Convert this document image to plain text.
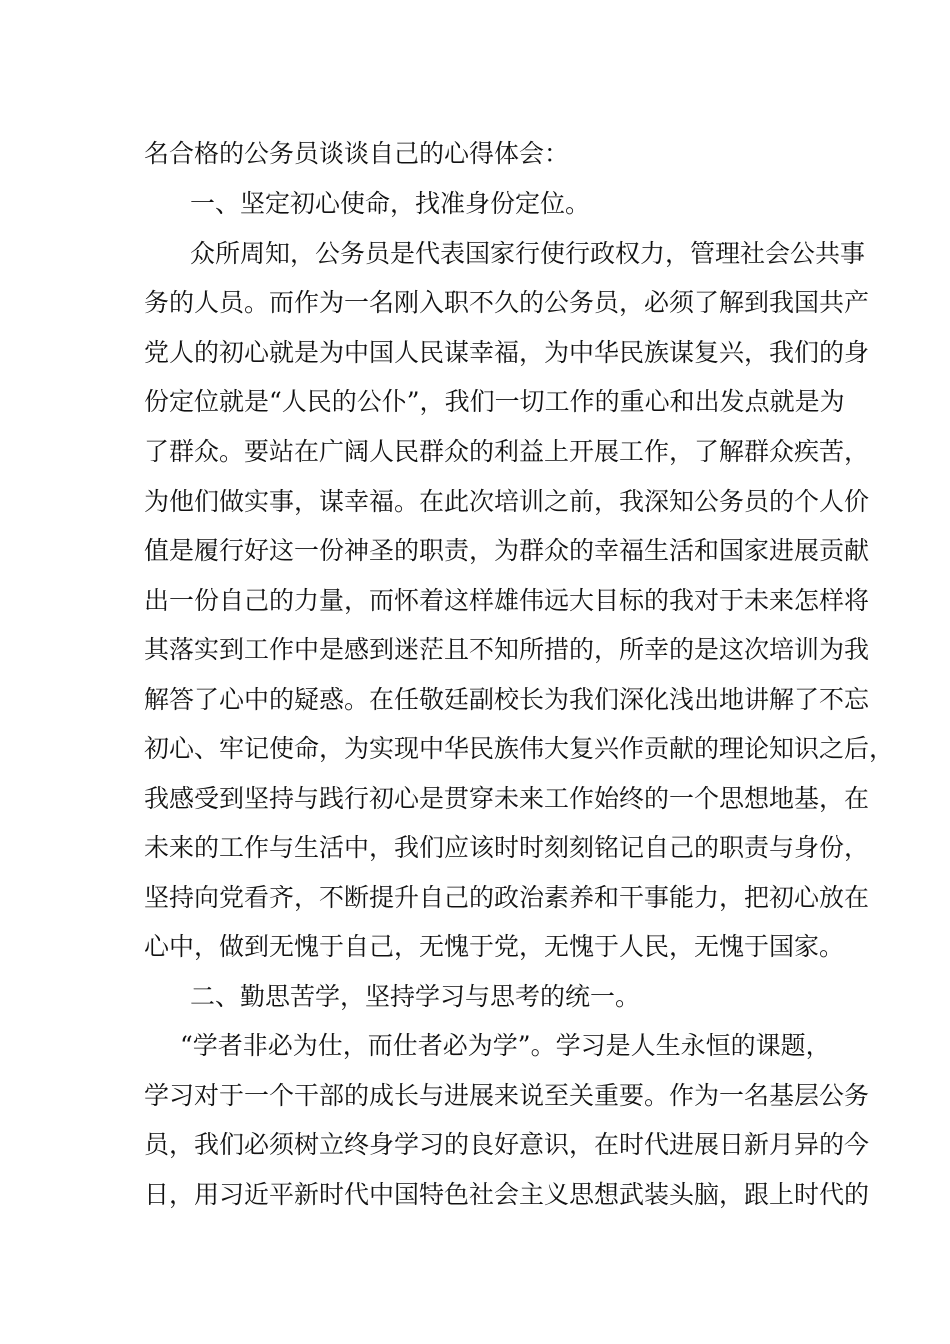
名合格的公务员谈谈自己的心得体会：
一、坚定初心使命，找准身份定位。
众所周知，公务员是代表国家行使行政权力，管理社会公共事
务的人员。而作为一名刚入职不久的公务员，必须了解到我国共产
党人的初心就是为中国人民谋幸福，为中华民族谋复兴，我们的身
份定位就是“人民的公仆”，我们一切工作的重心和出发点就是为
了群众。要站在广阔人民群众的利益上开展工作，了解群众疾苦，
为他们做实事，谋幸福。在此次培训之前，我深知公务员的个人价
值是履行好这一份神圣的职责，为群众的幸福生活和国家进展贡献
出一份自己的力量，而怀着这样雄伟远大目标的我对于未来怎样将
其落实到工作中是感到迷茫且不知所措的，所幸的是这次培训为我
解答了心中的疑惑。在任敬廷副校长为我们深化浅出地讲解了不忘
初心、牢记使命，为实现中华民族伟大复兴作贡献的理论知识之后，
我感受到坚持与践行初心是贯穿未来工作始终的一个思想地基，在
未来的工作与生活中，我们应该时时刻刻铭记自己的职责与身份，
坚持向党看齐，不断提升自己的政治素养和干事能力，把初心放在
心中，做到无愧于自己，无愧于党，无愧于人民，无愧于国家。
二、勤思苦学，坚持学习与思考的统一。
“学者非必为仕，而仕者必为学”。学习是人生永恒的课题，
学习对于一个干部的成长与进展来说至关重要。作为一名基层公务
员，我们必须树立终身学习的良好意识，在时代进展日新月异的今
日，用习近平新时代中国特色社会主义思想武装头脑，跟上时代的
